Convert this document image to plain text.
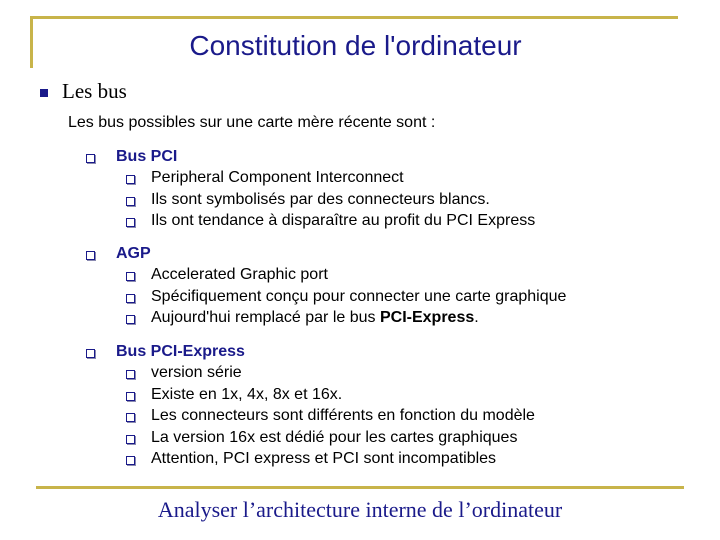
Constitution de l'ordinateur
Les bus
Les bus possibles sur une carte mère récente sont :
Bus PCI
Peripheral Component Interconnect
Ils sont symbolisés par des connecteurs blancs.
Ils ont tendance à disparaître au profit du PCI Express
AGP
Accelerated Graphic port
Spécifiquement conçu pour connecter une carte graphique
Aujourd'hui remplacé par le bus PCI-Express.
Bus PCI-Express
version série
Existe en 1x, 4x, 8x et 16x.
Les connecteurs sont différents en fonction du modèle
La version 16x est dédié pour les cartes graphiques
Attention, PCI express et PCI sont incompatibles
Analyser l’architecture interne de l’ordinateur
